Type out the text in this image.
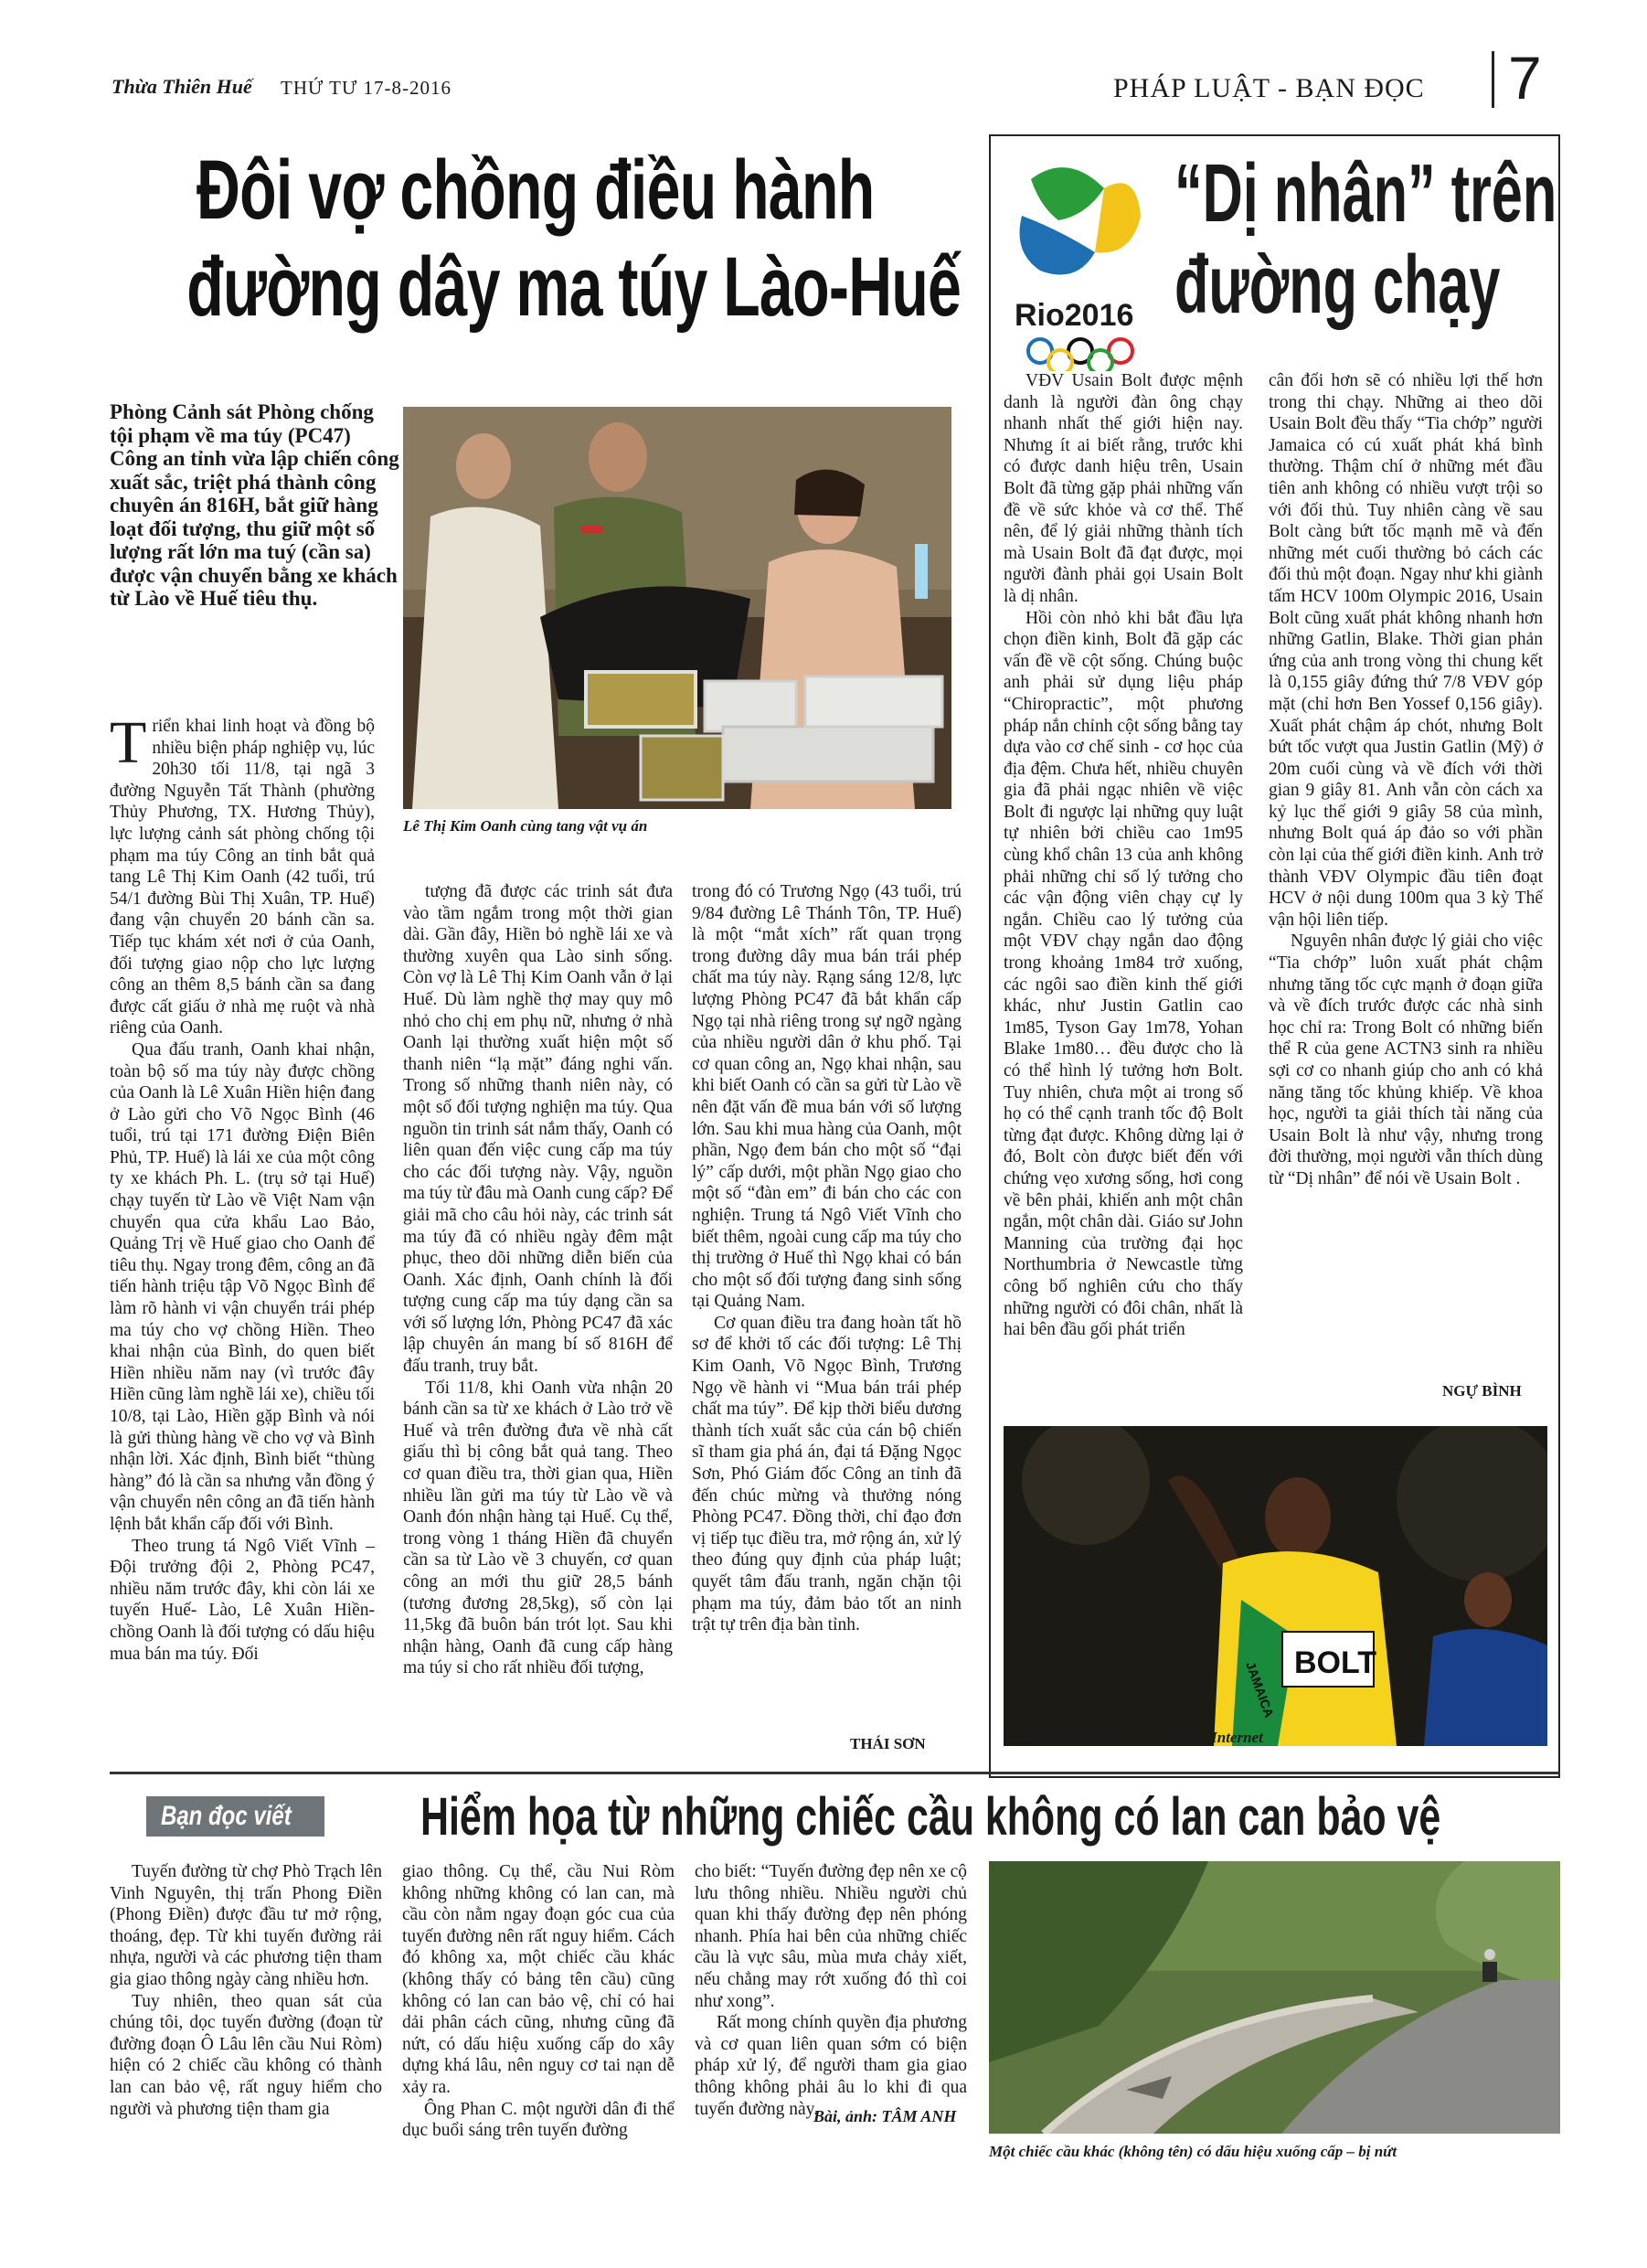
Thừa Thiên Huế THỨ TƯ 17-8-2016	PHÁP LUẬT - BẠN ĐỌC 7
Đôi vợ chồng điều hành
đường dây ma túy Lào-Huế

Phòng Cảnh sát Phòng chống tội phạm về ma túy (PC47) Công an tỉnh vừa lập chiến công xuất sắc, triệt phá thành công chuyên án 816H, bắt giữ hàng loạt đối tượng, thu giữ một số lượng rất lớn ma tuý (cần sa) được vận chuyển bằng xe khách từ Lào về Huế tiêu thụ.

Lê Thị Kim Oanh cùng tang vật vụ án

Triển khai linh hoạt và đồng bộ nhiều biện pháp nghiệp vụ, lúc 20h30 tối 11/8, tại ngã 3 đường Nguyễn Tất Thành (phường Thủy Phương, TX. Hương Thủy), lực lượng cảnh sát phòng chống tội phạm ma túy Công an tỉnh bắt quả tang Lê Thị Kim Oanh (42 tuổi, trú 54/1 đường Bùi Thị Xuân, TP. Huế) đang vận chuyển 20 bánh cần sa. Tiếp tục khám xét nơi ở của Oanh, đối tượng giao nộp cho lực lượng công an thêm 8,5 bánh cần sa đang được cất giấu ở nhà mẹ ruột và nhà riêng của Oanh.

Qua đấu tranh, Oanh khai nhận, toàn bộ số ma túy này được chồng của Oanh là Lê Xuân Hiền hiện đang ở Lào gửi cho Võ Ngọc Bình (46 tuổi, trú tại 171 đường Điện Biên Phủ, TP. Huế) là lái xe của một công ty xe khách Ph. L. (trụ sở tại Huế) chạy tuyến từ Lào về Việt Nam vận chuyển qua cửa khẩu Lao Bảo, Quảng Trị về Huế giao cho Oanh để tiêu thụ. Ngay trong đêm, công an đã tiến hành triệu tập Võ Ngọc Bình để làm rõ hành vi vận chuyển trái phép ma túy cho vợ chồng Hiền. Theo khai nhận của Bình, do quen biết Hiền nhiều năm nay (vì trước đây Hiền cũng làm nghề lái xe), chiều tối 10/8, tại Lào, Hiền gặp Bình và nói là gửi thùng hàng về cho vợ và Bình nhận lời. Xác định, Bình biết “thùng hàng” đó là cần sa nhưng vẫn đồng ý vận chuyển nên công an đã tiến hành lệnh bắt khẩn cấp đối với Bình.

Theo trung tá Ngô Viết Vĩnh – Đội trưởng đội 2, Phòng PC47, nhiều năm trước đây, khi còn lái xe tuyến Huế- Lào, Lê Xuân Hiền- chồng Oanh là đối tượng có dấu hiệu mua bán ma túy. Đối

tượng đã được các trinh sát đưa vào tầm ngắm trong một thời gian dài. Gần đây, Hiền bỏ nghề lái xe và thường xuyên qua Lào sinh sống. Còn vợ là Lê Thị Kim Oanh vẫn ở lại Huế. Dù làm nghề thợ may quy mô nhỏ cho chị em phụ nữ, nhưng ở nhà Oanh lại thường xuất hiện một số thanh niên “lạ mặt” đáng nghi vấn. Trong số những thanh niên này, có một số đối tượng nghiện ma túy. Qua nguồn tin trinh sát nắm thấy, Oanh có liên quan đến việc cung cấp ma túy cho các đối tượng này. Vậy, nguồn ma túy từ đâu mà Oanh cung cấp? Để giải mã cho câu hỏi này, các trinh sát ma túy đã có nhiều ngày đêm mật phục, theo dõi những diễn biến của Oanh. Xác định, Oanh chính là đối tượng cung cấp ma túy dạng cần sa với số lượng lớn, Phòng PC47 đã xác lập chuyên án mang bí số 816H để đấu tranh, truy bắt.

Tối 11/8, khi Oanh vừa nhận 20 bánh cần sa từ xe khách ở Lào trở về Huế và trên đường đưa về nhà cất giấu thì bị công bắt quả tang. Theo cơ quan điều tra, thời gian qua, Hiền nhiều lần gửi ma túy từ Lào về và Oanh đón nhận hàng tại Huế. Cụ thể, trong vòng 1 tháng Hiền đã chuyển cần sa từ Lào về 3 chuyến, cơ quan công an mới thu giữ 28,5 bánh (tương đương 28,5kg), số còn lại 11,5kg đã buôn bán trót lọt. Sau khi nhận hàng, Oanh đã cung cấp hàng ma túy sỉ cho rất nhiều đối tượng,

trong đó có Trương Ngọ (43 tuổi, trú 9/84 đường Lê Thánh Tôn, TP. Huế) là một “mắt xích” rất quan trọng trong đường dây mua bán trái phép chất ma túy này. Rạng sáng 12/8, lực lượng Phòng PC47 đã bắt khẩn cấp Ngọ tại nhà riêng trong sự ngỡ ngàng của nhiều người dân ở khu phố. Tại cơ quan công an, Ngọ khai nhận, sau khi biết Oanh có cần sa gửi từ Lào về nên đặt vấn đề mua bán với số lượng lớn. Sau khi mua hàng của Oanh, một phần, Ngọ đem bán cho một số “đại lý” cấp dưới, một phần Ngọ giao cho một số “đàn em” đi bán cho các con nghiện. Trung tá Ngô Viết Vĩnh cho biết thêm, ngoài cung cấp ma túy cho thị trường ở Huế thì Ngọ khai có bán cho một số đối tượng đang sinh sống tại Quảng Nam.

Cơ quan điều tra đang hoàn tất hồ sơ để khởi tố các đối tượng: Lê Thị Kim Oanh, Võ Ngọc Bình, Trương Ngọ về hành vi “Mua bán trái phép chất ma túy”. Để kịp thời biểu dương thành tích xuất sắc của cán bộ chiến sĩ tham gia phá án, đại tá Đặng Ngọc Sơn, Phó Giám đốc Công an tỉnh đã đến chúc mừng và thưởng nóng Phòng PC47. Đồng thời, chỉ đạo đơn vị tiếp tục điều tra, mở rộng án, xử lý theo đúng quy định của pháp luật; quyết tâm đấu tranh, ngăn chặn tội phạm ma túy, đảm bảo tốt an ninh trật tự trên địa bàn tỉnh.

THÁI SƠN
Rio2016
“Dị nhân” trên
đường chạy

VĐV Usain Bolt được mệnh danh là người đàn ông chạy nhanh nhất thế giới hiện nay. Nhưng ít ai biết rằng, trước khi có được danh hiệu trên, Usain Bolt đã từng gặp phải những vấn đề về sức khỏe và cơ thể. Thế nên, để lý giải những thành tích mà Usain Bolt đã đạt được, mọi người đành phải gọi Usain Bolt là dị nhân.

Hồi còn nhỏ khi bắt đầu lựa chọn điền kinh, Bolt đã gặp các vấn đề về cột sống. Chúng buộc anh phải sử dụng liệu pháp “Chiropractic”, một phương pháp nắn chỉnh cột sống bằng tay dựa vào cơ chế sinh - cơ học của địa đệm. Chưa hết, nhiều chuyên gia đã phải ngạc nhiên về việc Bolt đi ngược lại những quy luật tự nhiên bởi chiều cao 1m95 cùng khổ chân 13 của anh không phải những chỉ số lý tưởng cho các vận động viên chạy cự ly ngắn. Chiều cao lý tưởng của một VĐV chạy ngắn dao động trong khoảng 1m84 trở xuống, các ngôi sao điền kinh thế giới khác, như Justin Gatlin cao 1m85, Tyson Gay 1m78, Yohan Blake 1m80… đều được cho là có thể hình lý tưởng hơn Bolt. Tuy nhiên, chưa một ai trong số họ có thể cạnh tranh tốc độ Bolt từng đạt được. Không dừng lại ở đó, Bolt còn được biết đến với chứng vẹo xương sống, hơi cong về bên phải, khiến anh một chân ngắn, một chân dài. Giáo sư John Manning của trường đại học Northumbria ở Newcastle từng công bố nghiên cứu cho thấy những người có đôi chân, nhất là hai bên đầu gối phát triển

cân đối hơn sẽ có nhiều lợi thế hơn trong thi chạy. Những ai theo dõi Usain Bolt đều thấy “Tia chớp” người Jamaica có cú xuất phát khá bình thường. Thậm chí ở những mét đầu tiên anh không có nhiều vượt trội so với đối thủ. Tuy nhiên càng về sau Bolt càng bứt tốc mạnh mẽ và đến những mét cuối thường bỏ cách các đối thủ một đoạn. Ngay như khi giành tấm HCV 100m Olympic 2016, Usain Bolt cũng xuất phát không nhanh hơn những Gatlin, Blake. Thời gian phản ứng của anh trong vòng thi chung kết là 0,155 giây đứng thứ 7/8 VĐV góp mặt (chỉ hơn Ben Yossef 0,156 giây). Xuất phát chậm áp chót, nhưng Bolt bứt tốc vượt qua Justin Gatlin (Mỹ) ở 20m cuối cùng và về đích với thời gian 9 giây 81. Anh vẫn còn cách xa kỷ lục thế giới 9 giây 58 của mình, nhưng Bolt quá áp đảo so với phần còn lại của thế giới điền kinh. Anh trở thành VĐV Olympic đầu tiên đoạt HCV ở nội dung 100m qua 3 kỳ Thế vận hội liên tiếp.

Nguyên nhân được lý giải cho việc “Tia chớp” luôn xuất phát chậm nhưng tăng tốc cực mạnh ở đoạn giữa và về đích trước được các nhà sinh học chỉ ra: Trong Bolt có những biến thể R của gene ACTN3 sinh ra nhiều sợi cơ co nhanh giúp cho anh có khả năng tăng tốc khủng khiếp. Về khoa học, người ta giải thích tài năng của Usain Bolt là như vậy, nhưng trong đời thường, mọi người vẫn thích dùng từ “Dị nhân” để nói về Usain Bolt .

NGỰ BÌNH
BOLT
JAMAICA
“Dị nhân” Usain Bolt Ảnh: Internet
Bạn đọc viết Hiểm họa từ những chiếc cầu không có lan can bảo vệ

Tuyến đường từ chợ Phò Trạch lên Vinh Nguyên, thị trấn Phong Điền (Phong Điền) được đầu tư mở rộng, thoáng, đẹp. Từ khi tuyến đường rải nhựa, người và các phương tiện tham gia giao thông ngày càng nhiều hơn.

Tuy nhiên, theo quan sát của chúng tôi, dọc tuyến đường (đoạn từ đường đoạn Ô Lâu lên cầu Nui Ròm) hiện có 2 chiếc cầu không có thành lan can bảo vệ, rất nguy hiểm cho người và phương tiện tham gia

giao thông. Cụ thể, cầu Nui Ròm không những không có lan can, mà cầu còn nằm ngay đoạn góc cua của tuyến đường nên rất nguy hiểm. Cách đó không xa, một chiếc cầu khác (không thấy có bảng tên cầu) cũng không có lan can bảo vệ, chỉ có hai dải phân cách cũng, nhưng cũng đã nứt, có dấu hiệu xuống cấp do xây dựng khá lâu, nên nguy cơ tai nạn dễ xảy ra.

Ông Phan C. một người dân đi thể dục buổi sáng trên tuyến đường

cho biết: “Tuyến đường đẹp nên xe cộ lưu thông nhiều. Nhiều người chủ quan khi thấy đường đẹp nên phóng nhanh. Phía hai bên của những chiếc cầu là vực sâu, mùa mưa chảy xiết, nếu chẳng may rớt xuống đó thì coi như xong”.

Rất mong chính quyền địa phương và cơ quan liên quan sớm có biện pháp xử lý, để người tham gia giao thông không phải âu lo khi đi qua tuyến đường này.

Bài, ảnh: TÂM ANH
Một chiếc cầu khác (không tên) có dấu hiệu xuống cấp – bị nứt
